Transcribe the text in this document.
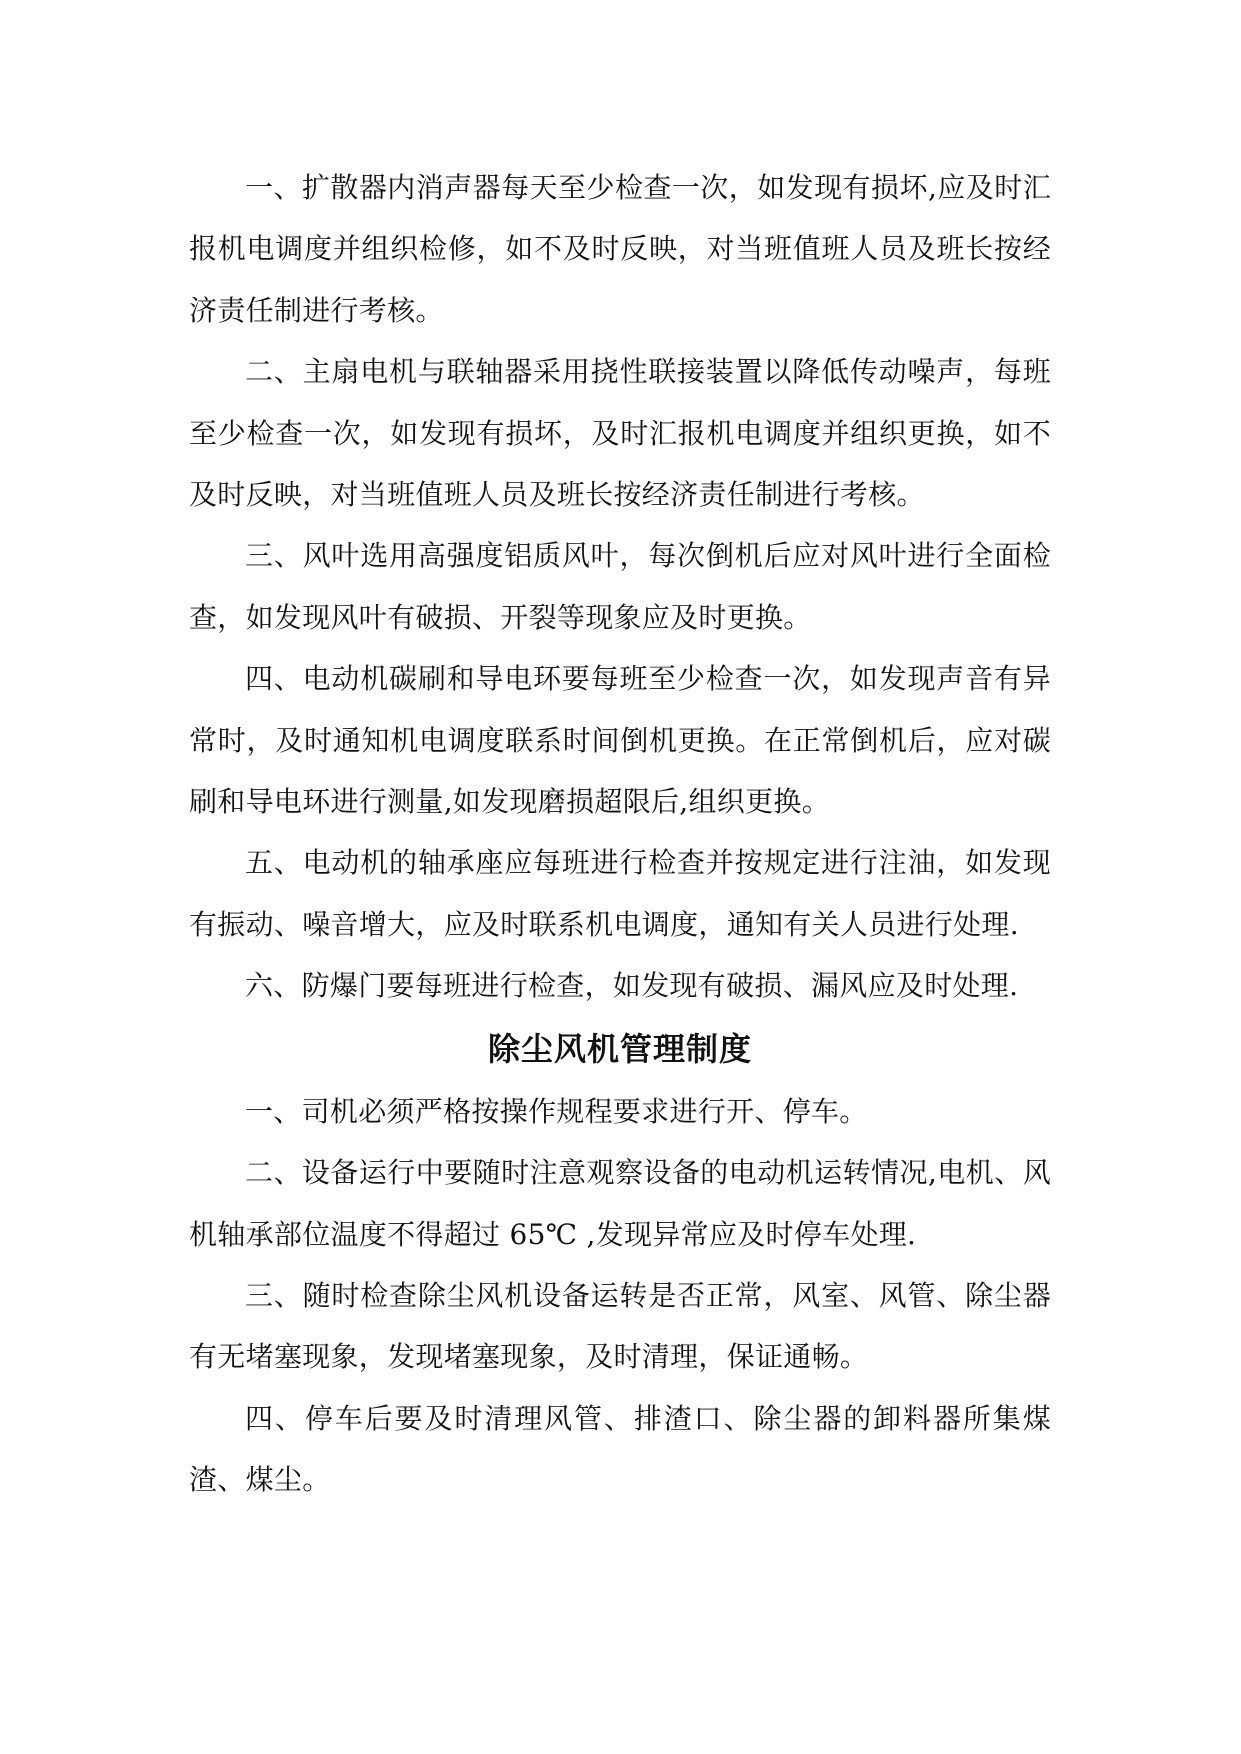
一、扩散器内消声器每天至少检查一次，如发现有损坏,应及时汇报机电调度并组织检修，如不及时反映，对当班值班人员及班长按经济责任制进行考核。

二、主扇电机与联轴器采用挠性联接装置以降低传动噪声，每班至少检查一次，如发现有损坏，及时汇报机电调度并组织更换，如不及时反映，对当班值班人员及班长按经济责任制进行考核。

三、风叶选用高强度铝质风叶，每次倒机后应对风叶进行全面检查，如发现风叶有破损、开裂等现象应及时更换。

四、电动机碳刷和导电环要每班至少检查一次，如发现声音有异常时，及时通知机电调度联系时间倒机更换。在正常倒机后，应对碳刷和导电环进行测量,如发现磨损超限后,组织更换。

五、电动机的轴承座应每班进行检查并按规定进行注油，如发现有振动、噪音增大，应及时联系机电调度，通知有关人员进行处理.

六、防爆门要每班进行检查，如发现有破损、漏风应及时处理.

除尘风机管理制度

一、司机必须严格按操作规程要求进行开、停车。

二、设备运行中要随时注意观察设备的电动机运转情况,电机、风机轴承部位温度不得超过 65℃ ,发现异常应及时停车处理.

三、随时检查除尘风机设备运转是否正常，风室、风管、除尘器有无堵塞现象，发现堵塞现象，及时清理，保证通畅。

四、停车后要及时清理风管、排渣口、除尘器的卸料器所集煤渣、煤尘。
